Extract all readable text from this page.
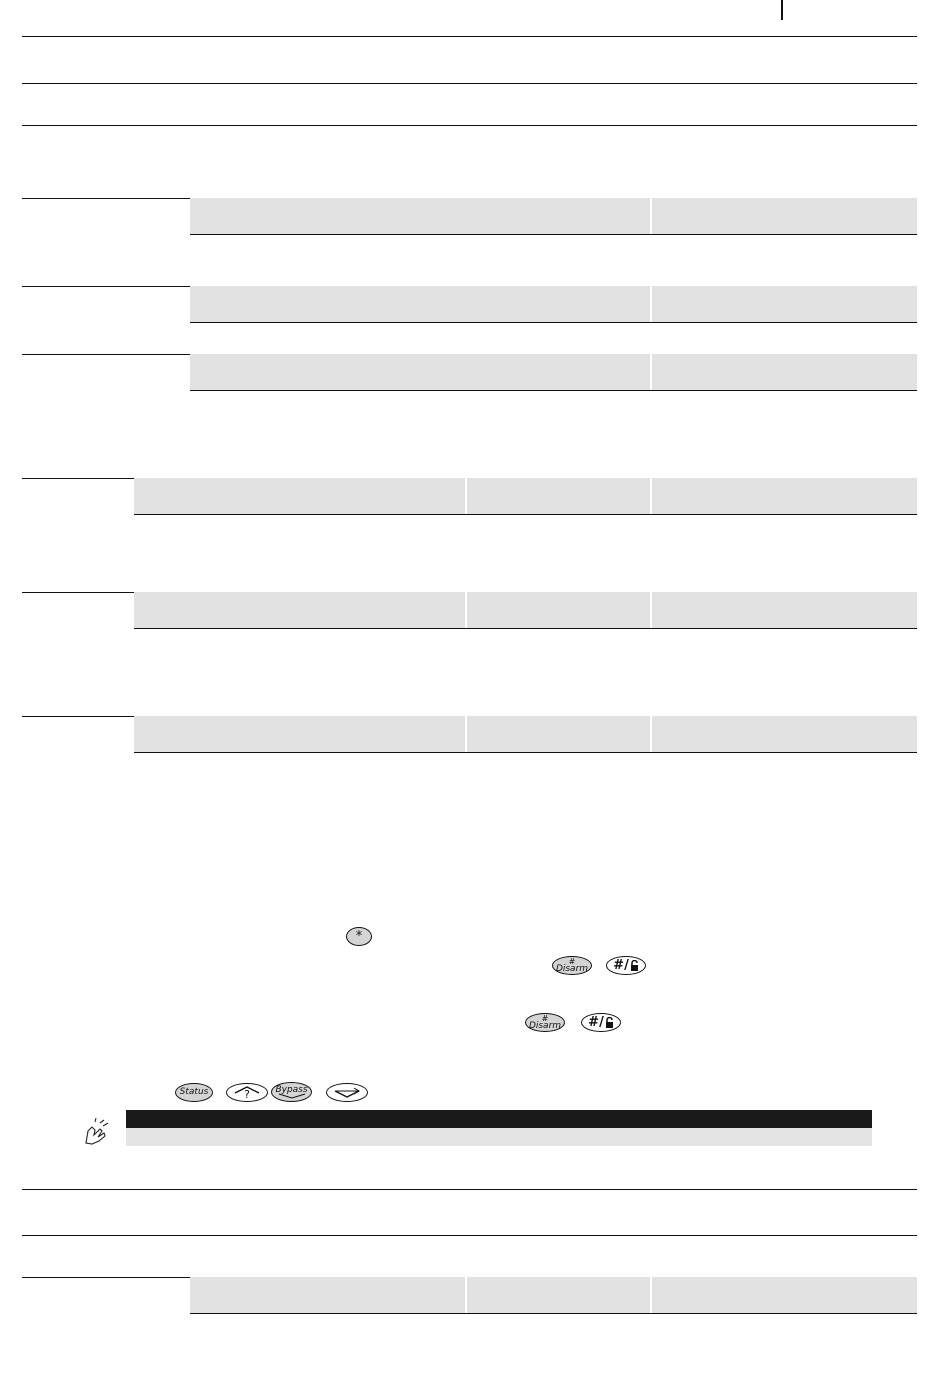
*
#
Disarm #/
#
Disarm #/
Status	?	Bypass
